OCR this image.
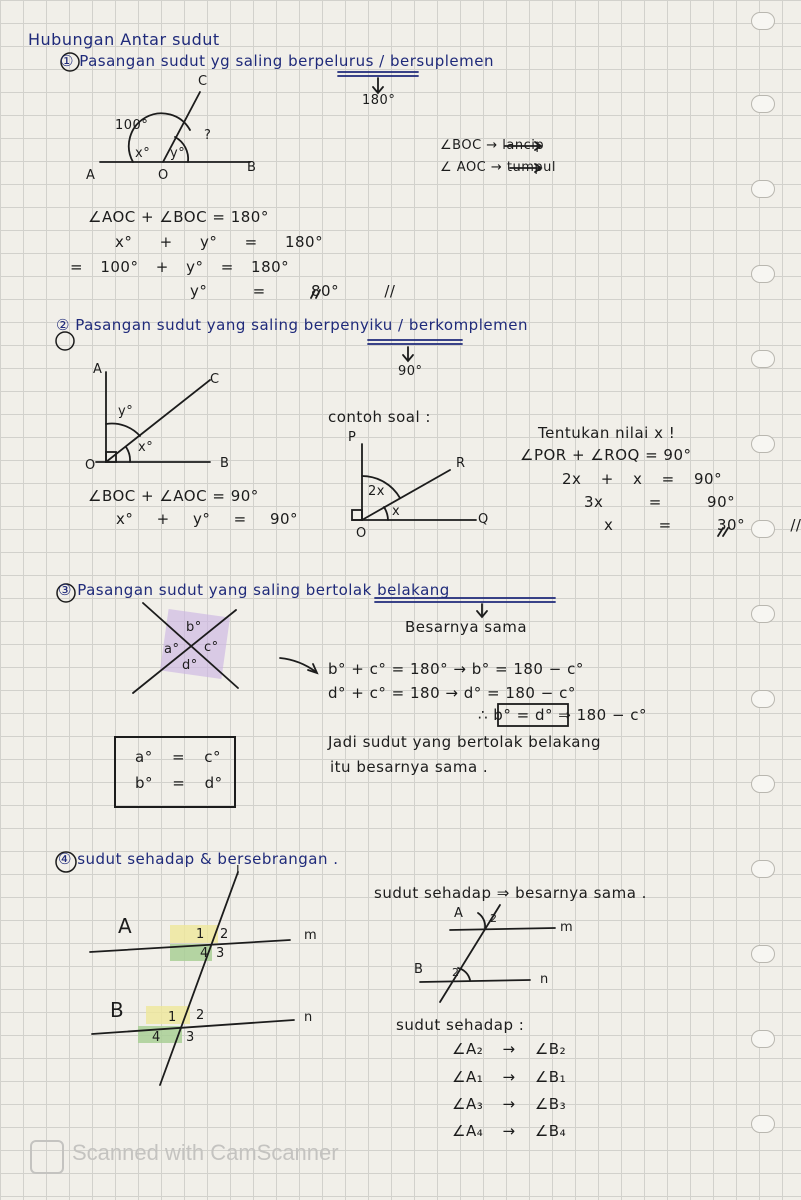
Hubungan Antar sudut
① Pasangan sudut yg saling berpelurus / bersuplemen
180°
C
100°
x° y°
?
A	O
B
∠BOC → lancip
∠ AOC → tumpul
∠AOC + ∠BOC = 180°
x° + y° = 180°
= 100° + y° = 180°
y° = 80° //
② Pasangan sudut yang saling berpenyiku / berkomplemen
90°
A
C
O	B
y°
x°
∠BOC + ∠AOC = 90°
x° + y° = 90°
contoh soal :
P
R
O
Q
2x
x
Tentukan nilai x !
∠POR + ∠ROQ = 90°
2x + x = 90°
3x = 90°
x = 30° //
③ Pasangan sudut yang saling bertolak belakang
Besarnya sama
b°
a° c°
d°
a° = c°
b° = d°
b° + c° = 180° → b° = 180 − c°
d° + c° = 180 → d° = 180 − c°
∴ b° = d° ⇒ 180 − c°
Jadi sudut yang bertolak belakang
itu besarnya sama .
④ sudut sehadap & bersebrangan .
l
A
B
m
n
1 2
4 3
1 2
4 3
sudut sehadap ⇒ besarnya sama .
A
B
m
n
2
2
sudut sehadap :
∠A₂ → ∠B₂
∠A₁ → ∠B₁
∠A₃ → ∠B₃
∠A₄ → ∠B₄
Scanned with CamScanner
